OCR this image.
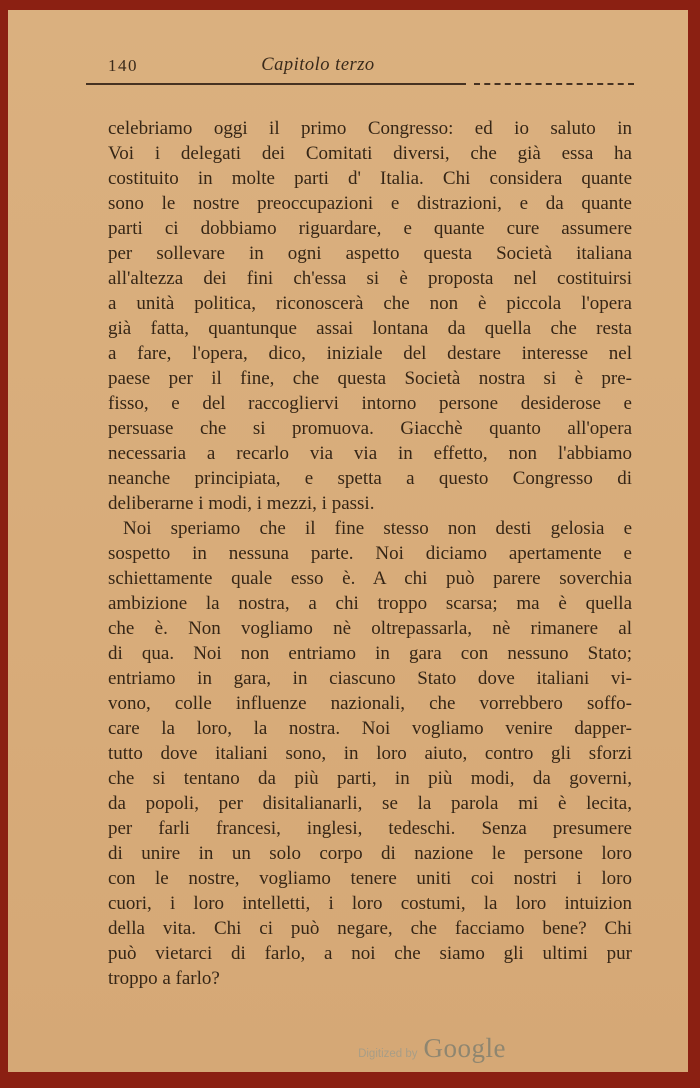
140	Capitolo terzo
celebriamo oggi il primo Congresso: ed io saluto in
Voi i delegati dei Comitati diversi, che già essa ha
costituito in molte parti d' Italia. Chi considera quante
sono le nostre preoccupazioni e distrazioni, e da quante
parti ci dobbiamo riguardare, e quante cure assumere
per sollevare in ogni aspetto questa Società italiana
all'altezza dei fini ch'essa si è proposta nel costituirsi
a unità politica, riconoscerà che non è piccola l'opera
già fatta, quantunque assai lontana da quella che resta
a fare, l'opera, dico, iniziale del destare interesse nel
paese per il fine, che questa Società nostra si è pre-
fisso, e del raccogliervi intorno persone desiderose e
persuase che si promuova. Giacchè quanto all'opera
necessaria a recarlo via via in effetto, non l'abbiamo
neanche principiata, e spetta a questo Congresso di
deliberarne i modi, i mezzi, i passi.
Noi speriamo che il fine stesso non desti gelosia e
sospetto in nessuna parte. Noi diciamo apertamente e
schiettamente quale esso è. A chi può parere soverchia
ambizione la nostra, a chi troppo scarsa; ma è quella
che è. Non vogliamo nè oltrepassarla, nè rimanere al
di qua. Noi non entriamo in gara con nessuno Stato;
entriamo in gara, in ciascuno Stato dove italiani vi-
vono, colle influenze nazionali, che vorrebbero soffo-
care la loro, la nostra. Noi vogliamo venire dapper-
tutto dove italiani sono, in loro aiuto, contro gli sforzi
che si tentano da più parti, in più modi, da governi,
da popoli, per disitalianarli, se la parola mi è lecita,
per farli francesi, inglesi, tedeschi. Senza presumere
di unire in un solo corpo di nazione le persone loro
con le nostre, vogliamo tenere uniti coi nostri i loro
cuori, i loro intelletti, i loro costumi, la loro intuizion
della vita. Chi ci può negare, che facciamo bene? Chi
può vietarci di farlo, a noi che siamo gli ultimi pur
troppo a farlo?
Digitized by Google
